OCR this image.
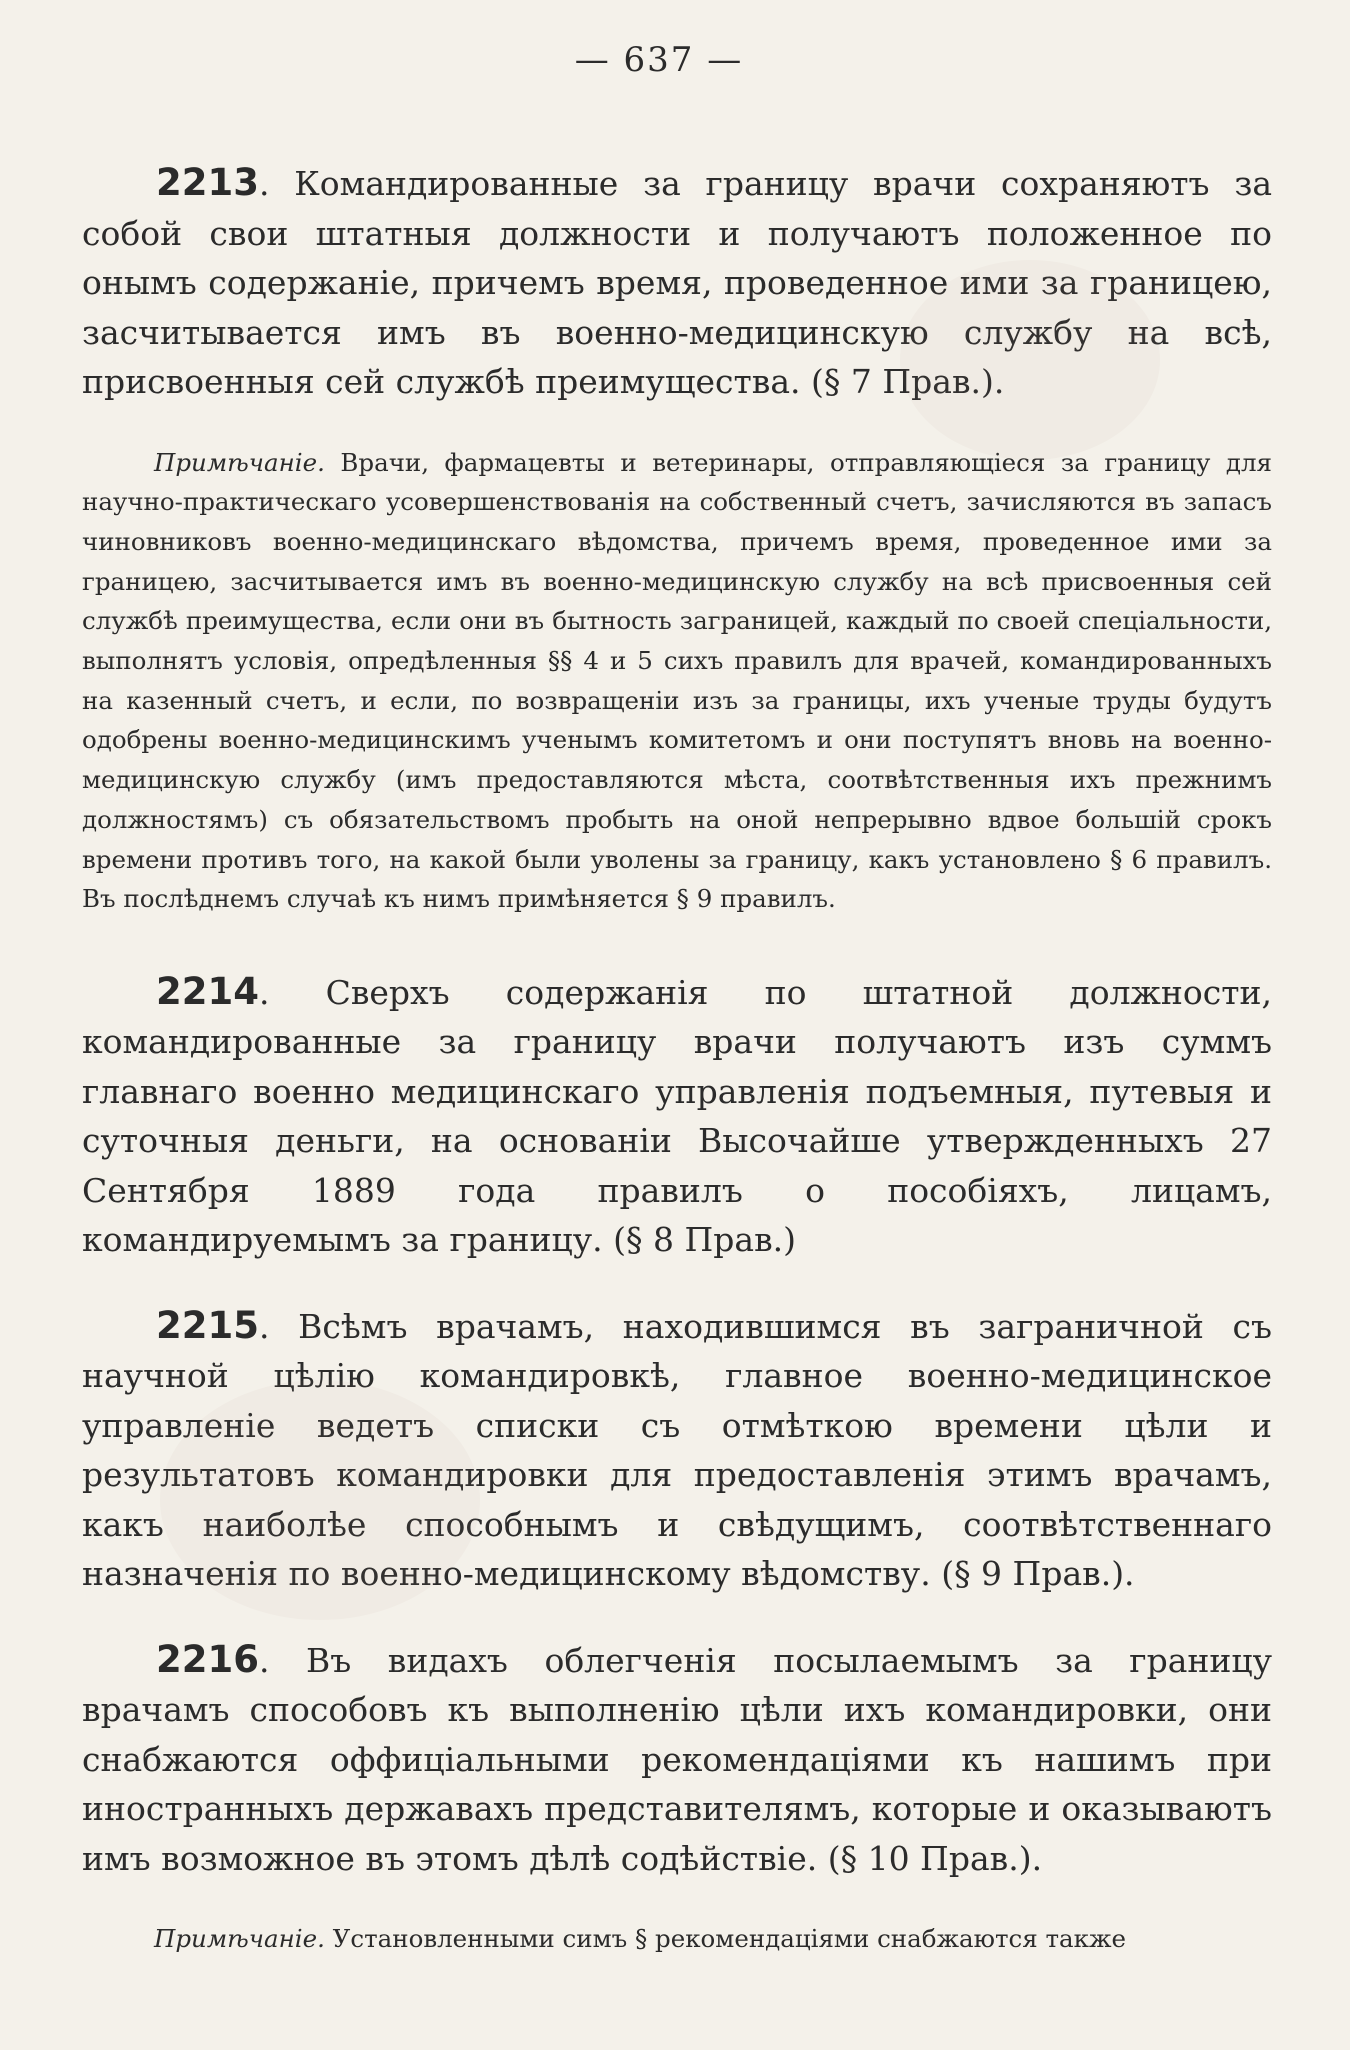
— 637 —

2213. Командированные за границу врачи сохраняютъ за собой свои штатныя должности и получаютъ положенное по онымъ содержаніе, причемъ время, проведенное ими за границею, засчитывается имъ въ военно-медицинскую службу на всѣ, присвоенныя сей службѣ преимущества. (§ 7 Прав.).

Примѣчаніе. Врачи, фармацевты и ветеринары, отправляющіеся за границу для научно-практическаго усовершенствованія на собственный счетъ, зачисляются въ запасъ чиновниковъ военно-медицинскаго вѣдомства, причемъ время, проведенное ими за границею, засчитывается имъ въ военно-медицинскую службу на всѣ присвоенныя сей службѣ преимущества, если они въ бытность заграницей, каждый по своей спеціальности, выполнятъ условія, опредѣленныя §§ 4 и 5 сихъ правилъ для врачей, командированныхъ на казенный счетъ, и если, по возвращеніи изъ за границы, ихъ ученые труды будутъ одобрены военно-медицинскимъ ученымъ комитетомъ и они поступятъ вновь на военно-медицинскую службу (имъ предоставляются мѣста, соотвѣтственныя ихъ прежнимъ должностямъ) съ обязательствомъ пробыть на оной непрерывно вдвое большій срокъ времени противъ того, на какой были уволены за границу, какъ установлено § 6 правилъ. Въ послѣднемъ случаѣ къ нимъ примѣняется § 9 правилъ.

2214. Сверхъ содержанія по штатной должности, командированные за границу врачи получаютъ изъ суммъ главнаго военно медицинскаго управленія подъемныя, путевыя и суточныя деньги, на основаніи Высочайше утвержденныхъ 27 Сентября 1889 года правилъ о пособіяхъ, лицамъ, командируемымъ за границу. (§ 8 Прав.)

2215. Всѣмъ врачамъ, находившимся въ заграничной съ научной цѣлію командировкѣ, главное военно-медицинское управленіе ведетъ списки съ отмѣткою времени цѣли и результатовъ командировки для предоставленія этимъ врачамъ, какъ наиболѣе способнымъ и свѣдущимъ, соотвѣтственнаго назначенія по военно-медицинскому вѣдомству. (§ 9 Прав.).

2216. Въ видахъ облегченія посылаемымъ за границу врачамъ способовъ къ выполненію цѣли ихъ командировки, они снабжаются оффиціальными рекомендаціями къ нашимъ при иностранныхъ державахъ представителямъ, которые и оказываютъ имъ возможное въ этомъ дѣлѣ содѣйствіе. (§ 10 Прав.).

Примѣчаніе. Установленными симъ § рекомендаціями снабжаются также
